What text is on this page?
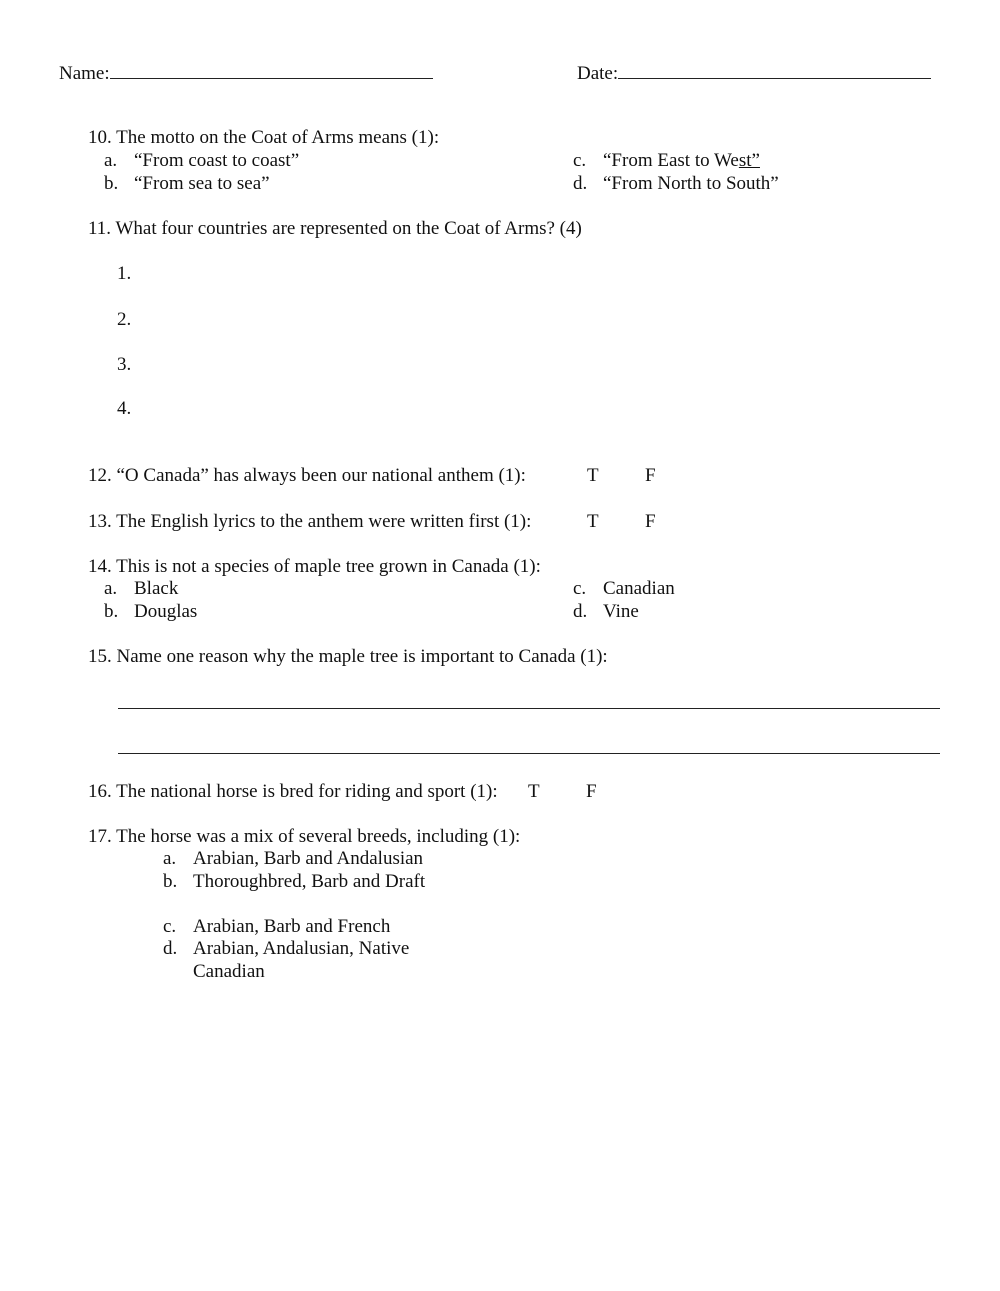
Name:	Date:
10. The motto on the Coat of Arms means (1):
a. “From coast to coast”
b. “From sea to sea”
c. “From East to West”
d. “From North to South”
11. What four countries are represented on the Coat of Arms? (4)
1.
2.
3.
4.
12. “O Canada” has always been our national anthem (1):	T F
13. The English lyrics to the anthem were written first (1):	T F
14. This is not a species of maple tree grown in Canada (1):
a. Black
b. Douglas
c. Canadian
d. Vine
15. Name one reason why the maple tree is important to Canada (1):
16. The national horse is bred for riding and sport (1): T F
17. The horse was a mix of several breeds, including (1):
a. Arabian, Barb and Andalusian
b. Thoroughbred, Barb and Draft
c. Arabian, Barb and French
d. Arabian, Andalusian, Native
Canadian
